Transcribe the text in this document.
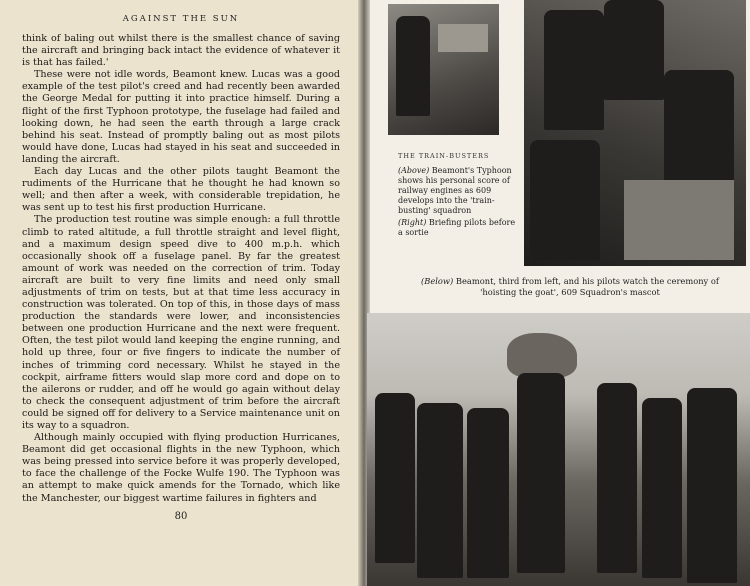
AGAINST THE SUN

think of baling out whilst there is the smallest chance of saving the aircraft and bringing back intact the evidence of whatever it is that has failed.'

These were not idle words, Beamont knew. Lucas was a good example of the test pilot's creed and had recently been awarded the George Medal for putting it into practice himself. During a flight of the first Typhoon prototype, the fuselage had failed and looking down, he had seen the earth through a large crack behind his seat. Instead of promptly baling out as most pilots would have done, Lucas had stayed in his seat and succeeded in landing the aircraft.

Each day Lucas and the other pilots taught Beamont the rudiments of the Hurricane that he thought he had known so well; and then after a week, with considerable trepidation, he was sent up to test his first production Hurricane.

The production test routine was simple enough: a full throttle climb to rated altitude, a full throttle straight and level flight, and a maximum design speed dive to 400 m.p.h. which occasionally shook off a fuselage panel. By far the greatest amount of work was needed on the correction of trim. Today aircraft are built to very fine limits and need only small adjustments of trim on tests, but at that time less accuracy in construction was tolerated. On top of this, in those days of mass production the standards were lower, and inconsistencies between one production Hurricane and the next were frequent. Often, the test pilot would land keeping the engine running, and hold up three, four or five fingers to indicate the number of inches of trimming cord necessary. Whilst he stayed in the cockpit, airframe fitters would slap more cord and dope on to the ailerons or rudder, and off he would go again without delay to check the consequent adjustment of trim before the aircraft could be signed off for delivery to a Service maintenance unit on its way to a squadron.

Although mainly occupied with flying production Hurricanes, Beamont did get occasional flights in the new Typhoon, which was being pressed into service before it was properly developed, to face the challenge of the Focke Wulfe 190. The Typhoon was an attempt to make quick amends for the Tornado, which like the Manchester, our biggest wartime failures in fighters and

80
THE TRAIN-BUSTERS
(Above) Beamont's Typhoon shows his personal score of railway engines as 609 develops into the 'train-busting' squadron
(Right) Briefing pilots before a sortie
(Below) Beamont, third from left, and his pilots watch the ceremony of 'hoisting the goat', 609 Squadron's mascot
